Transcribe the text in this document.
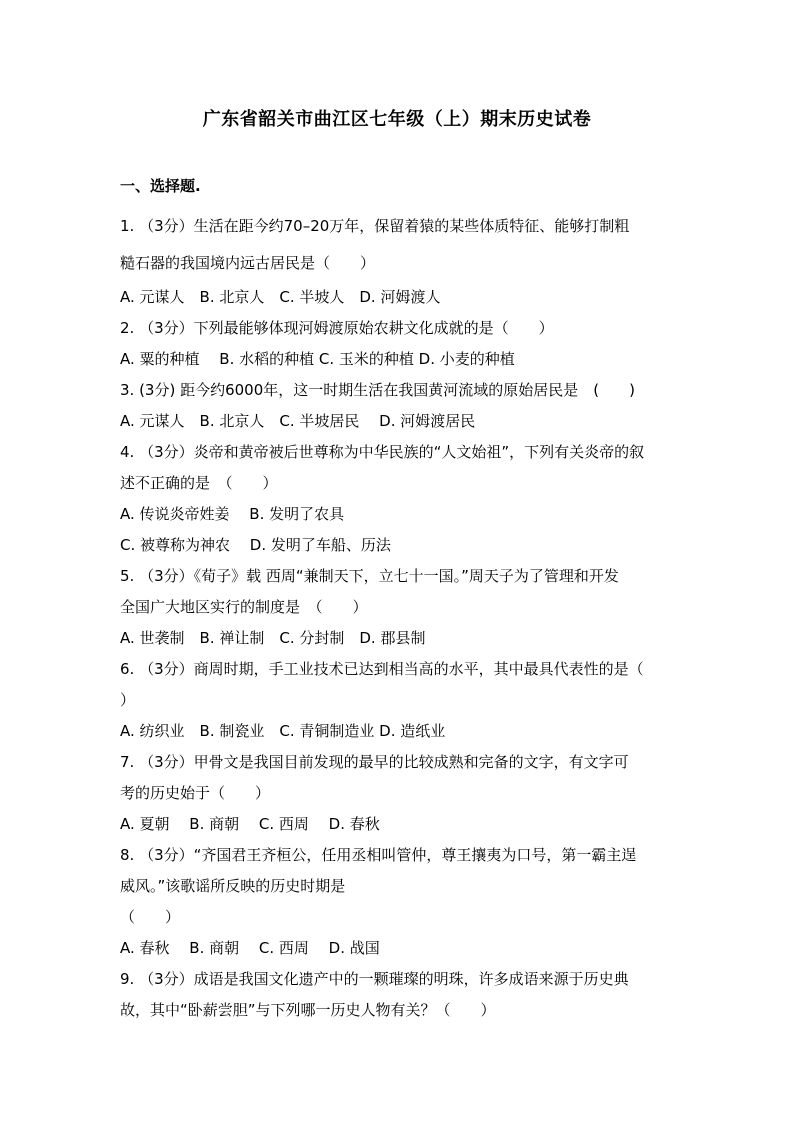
广东省韶关市曲江区七年级（上）期末历史试卷
一、选择题.
1. （3分）生活在距今约70–20万年，保留着猿的某些体质特征、能够打制粗
糙石器的我国境内远古居民是（　　）
A. 元谋人　B. 北京人　C. 半坡人　D. 河姆渡人
2. （3分）下列最能够体现河姆渡原始农耕文化成就的是（　　）
A. 粟的种植　 B. 水稻的种植 C. 玉米的种植 D. 小麦的种植
3. (3分) 距今约6000年，这一时期生活在我国黄河流域的原始居民是　(　　)
A. 元谋人　B. 北京人　C. 半坡居民　 D. 河姆渡居民
4. （3分）炎帝和黄帝被后世尊称为中华民族的“人文始祖”，下列有关炎帝的叙
述不正确的是　（　　）
A. 传说炎帝姓姜　 B. 发明了农具
C. 被尊称为神农　 D. 发明了车船、历法
5. （3分）《荀子》载 西周“兼制天下，立七十一国。”周天子为了管理和开发
全国广大地区实行的制度是　（　　）
A. 世袭制　B. 禅让制　C. 分封制　D. 郡县制
6. （3分）商周时期，手工业技术已达到相当高的水平，其中最具代表性的是（
）
A. 纺织业　B. 制瓷业　C. 青铜制造业 D. 造纸业
7. （3分）甲骨文是我国目前发现的最早的比较成熟和完备的文字，有文字可
考的历史始于（　　）
A. 夏朝　 B. 商朝　 C. 西周　 D. 春秋
8. （3分）“齐国君王齐桓公，任用丞相叫管仲，尊王攘夷为口号，第一霸主逞
威风。”该歌谣所反映的历史时期是
（　　）
A. 春秋　 B. 商朝　 C. 西周　 D. 战国
9. （3分）成语是我国文化遗产中的一颗璀璨的明珠，许多成语来源于历史典
故，其中“卧薪尝胆”与下列哪一历史人物有关？（　　）
